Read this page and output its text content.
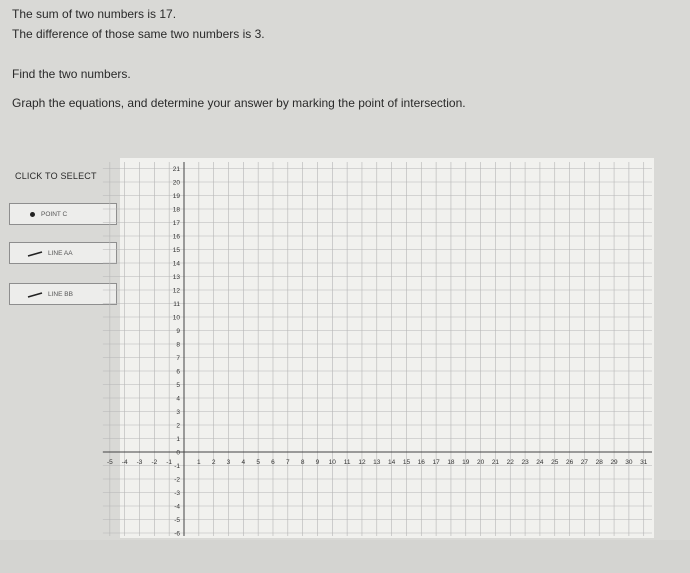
The sum of two numbers is 17.
The difference of those same two numbers is 3.
Find the two numbers.
Graph the equations, and determine your answer by marking the point of intersection.
CLICK TO SELECT
POINT C
LINE AA
LINE BB
-5 -4 -3 -2 -1	1 2 3 4 5 6 7 8 9 10 11 12 13 14 15 16 17 18 19 20 21 22 23 24 25 26 27 28 29 30 31
21
20
19
18
17
16
15
14
13
12
11
10
9
8
7
6
5
4
3
2
1
0
-1
-2
-3
-4
-5
-6
